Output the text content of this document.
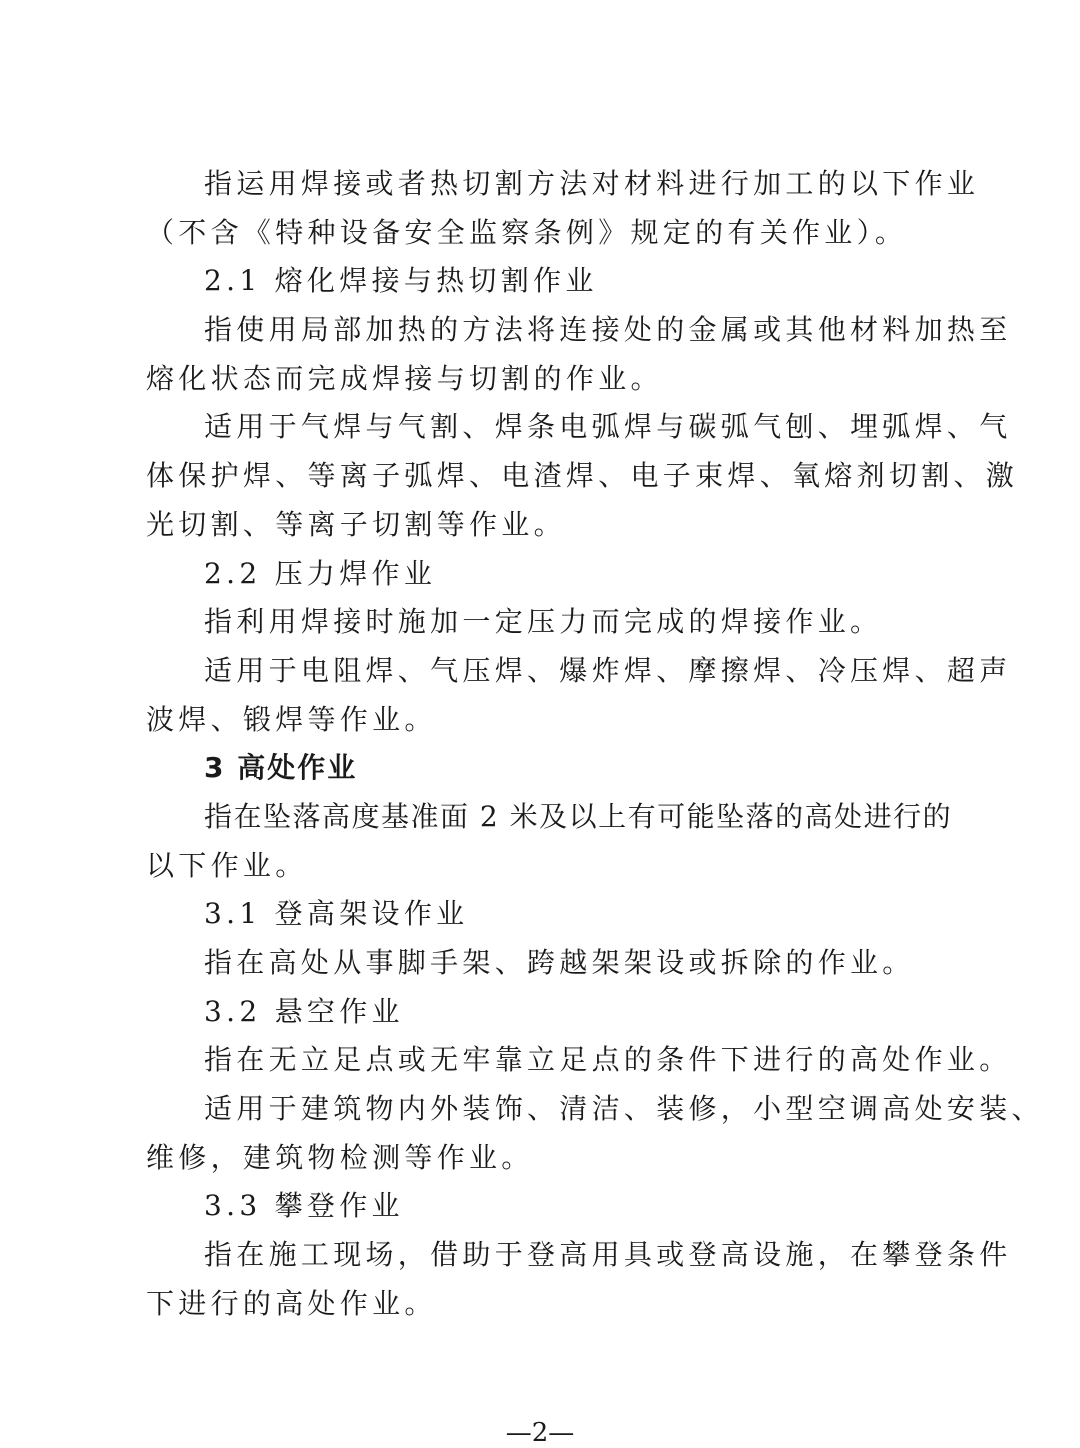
指运用焊接或者热切割方法对材料进行加工的以下作业
（不含《特种设备安全监察条例》规定的有关作业）。
2.1 熔化焊接与热切割作业
指使用局部加热的方法将连接处的金属或其他材料加热至
熔化状态而完成焊接与切割的作业。
适用于气焊与气割、焊条电弧焊与碳弧气刨、埋弧焊、气
体保护焊、等离子弧焊、电渣焊、电子束焊、氧熔剂切割、激
光切割、等离子切割等作业。
2.2 压力焊作业
指利用焊接时施加一定压力而完成的焊接作业。
适用于电阻焊、气压焊、爆炸焊、摩擦焊、冷压焊、超声
波焊、锻焊等作业。
3 高处作业
指在坠落高度基准面 2 米及以上有可能坠落的高处进行的
以下作业。
3.1 登高架设作业
指在高处从事脚手架、跨越架架设或拆除的作业。
3.2 悬空作业
指在无立足点或无牢靠立足点的条件下进行的高处作业。
适用于建筑物内外装饰、清洁、装修，小型空调高处安装、
维修，建筑物检测等作业。
3.3 攀登作业
指在施工现场，借助于登高用具或登高设施，在攀登条件
下进行的高处作业。
—2—
